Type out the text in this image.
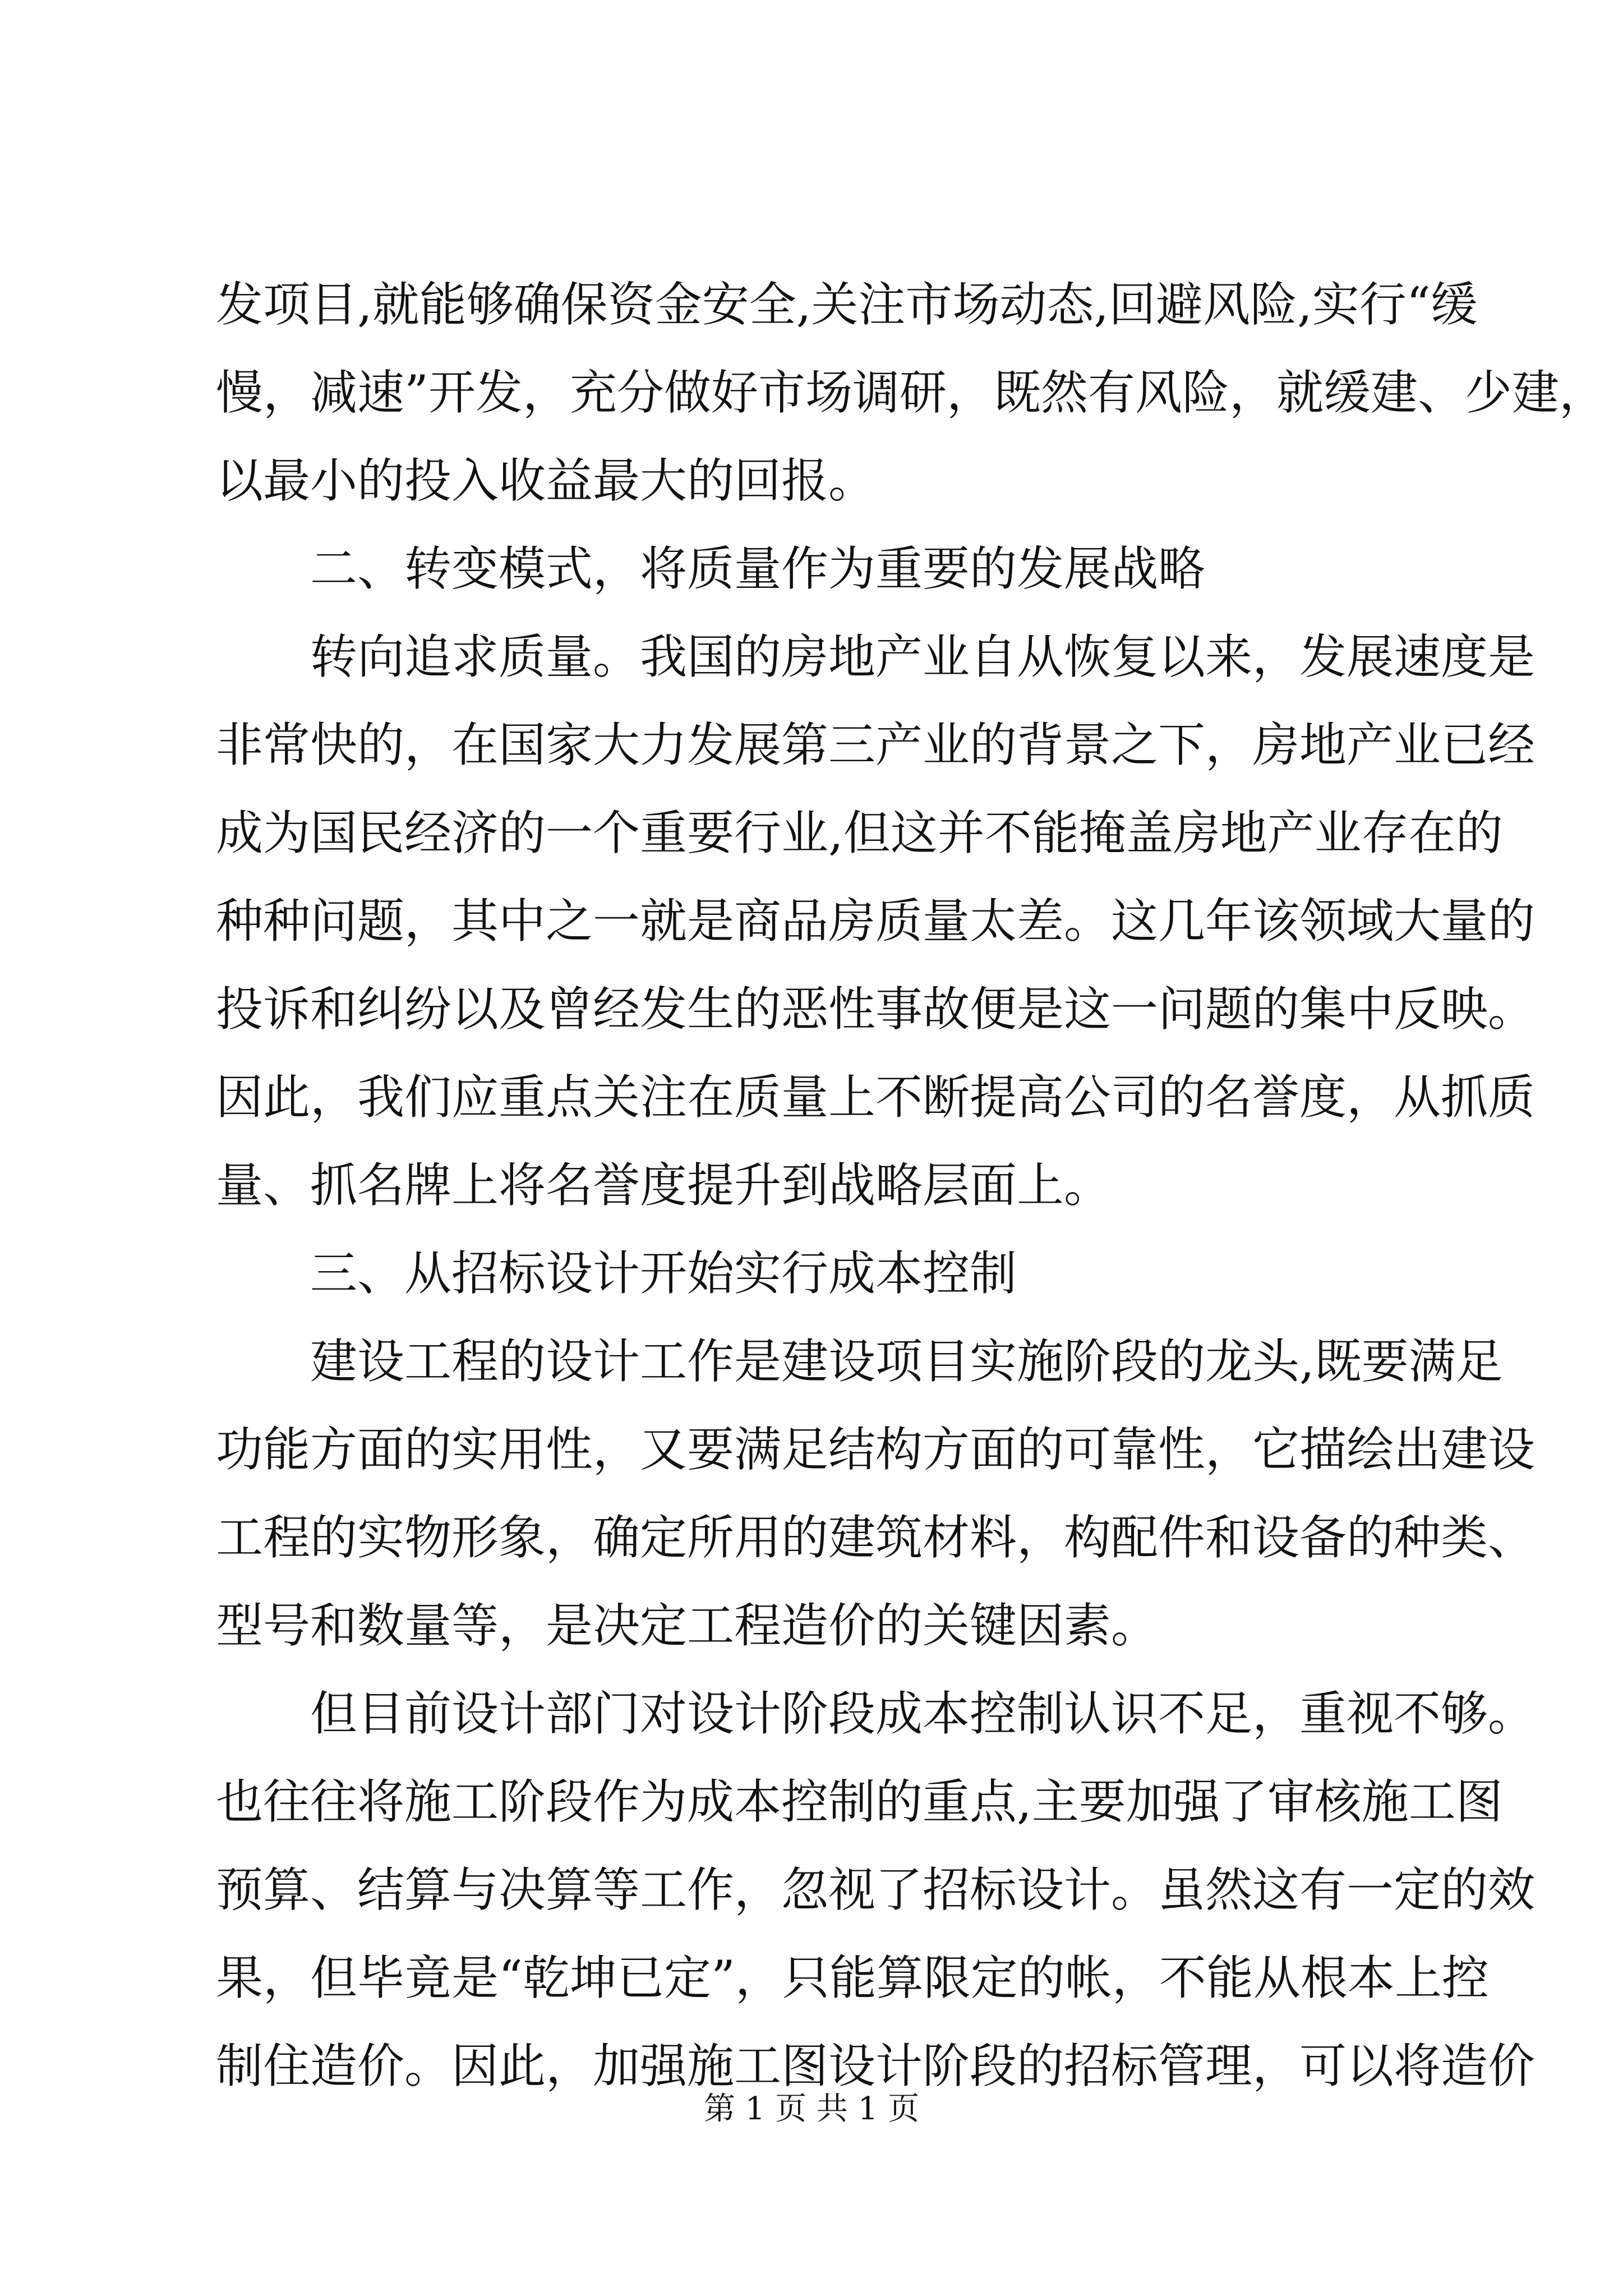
发项目,就能够确保资金安全,关注市场动态,回避风险,实行“缓
慢，减速”开发，充分做好市场调研，既然有风险，就缓建、少建，
以最小的投入收益最大的回报。
二、转变模式，将质量作为重要的发展战略
转向追求质量。我国的房地产业自从恢复以来，发展速度是
非常快的，在国家大力发展第三产业的背景之下，房地产业已经
成为国民经济的一个重要行业,但这并不能掩盖房地产业存在的
种种问题，其中之一就是商品房质量太差。这几年该领域大量的
投诉和纠纷以及曾经发生的恶性事故便是这一问题的集中反映。
因此，我们应重点关注在质量上不断提高公司的名誉度，从抓质
量、抓名牌上将名誉度提升到战略层面上。
三、从招标设计开始实行成本控制
建设工程的设计工作是建设项目实施阶段的龙头,既要满足
功能方面的实用性，又要满足结构方面的可靠性，它描绘出建设
工程的实物形象，确定所用的建筑材料，构配件和设备的种类、
型号和数量等，是决定工程造价的关键因素。
但目前设计部门对设计阶段成本控制认识不足，重视不够。
也往往将施工阶段作为成本控制的重点,主要加强了审核施工图
预算、结算与决算等工作，忽视了招标设计。虽然这有一定的效
果，但毕竟是“乾坤已定”，只能算限定的帐，不能从根本上控
制住造价。因此，加强施工图设计阶段的招标管理，可以将造价
第 1 页 共 1 页
